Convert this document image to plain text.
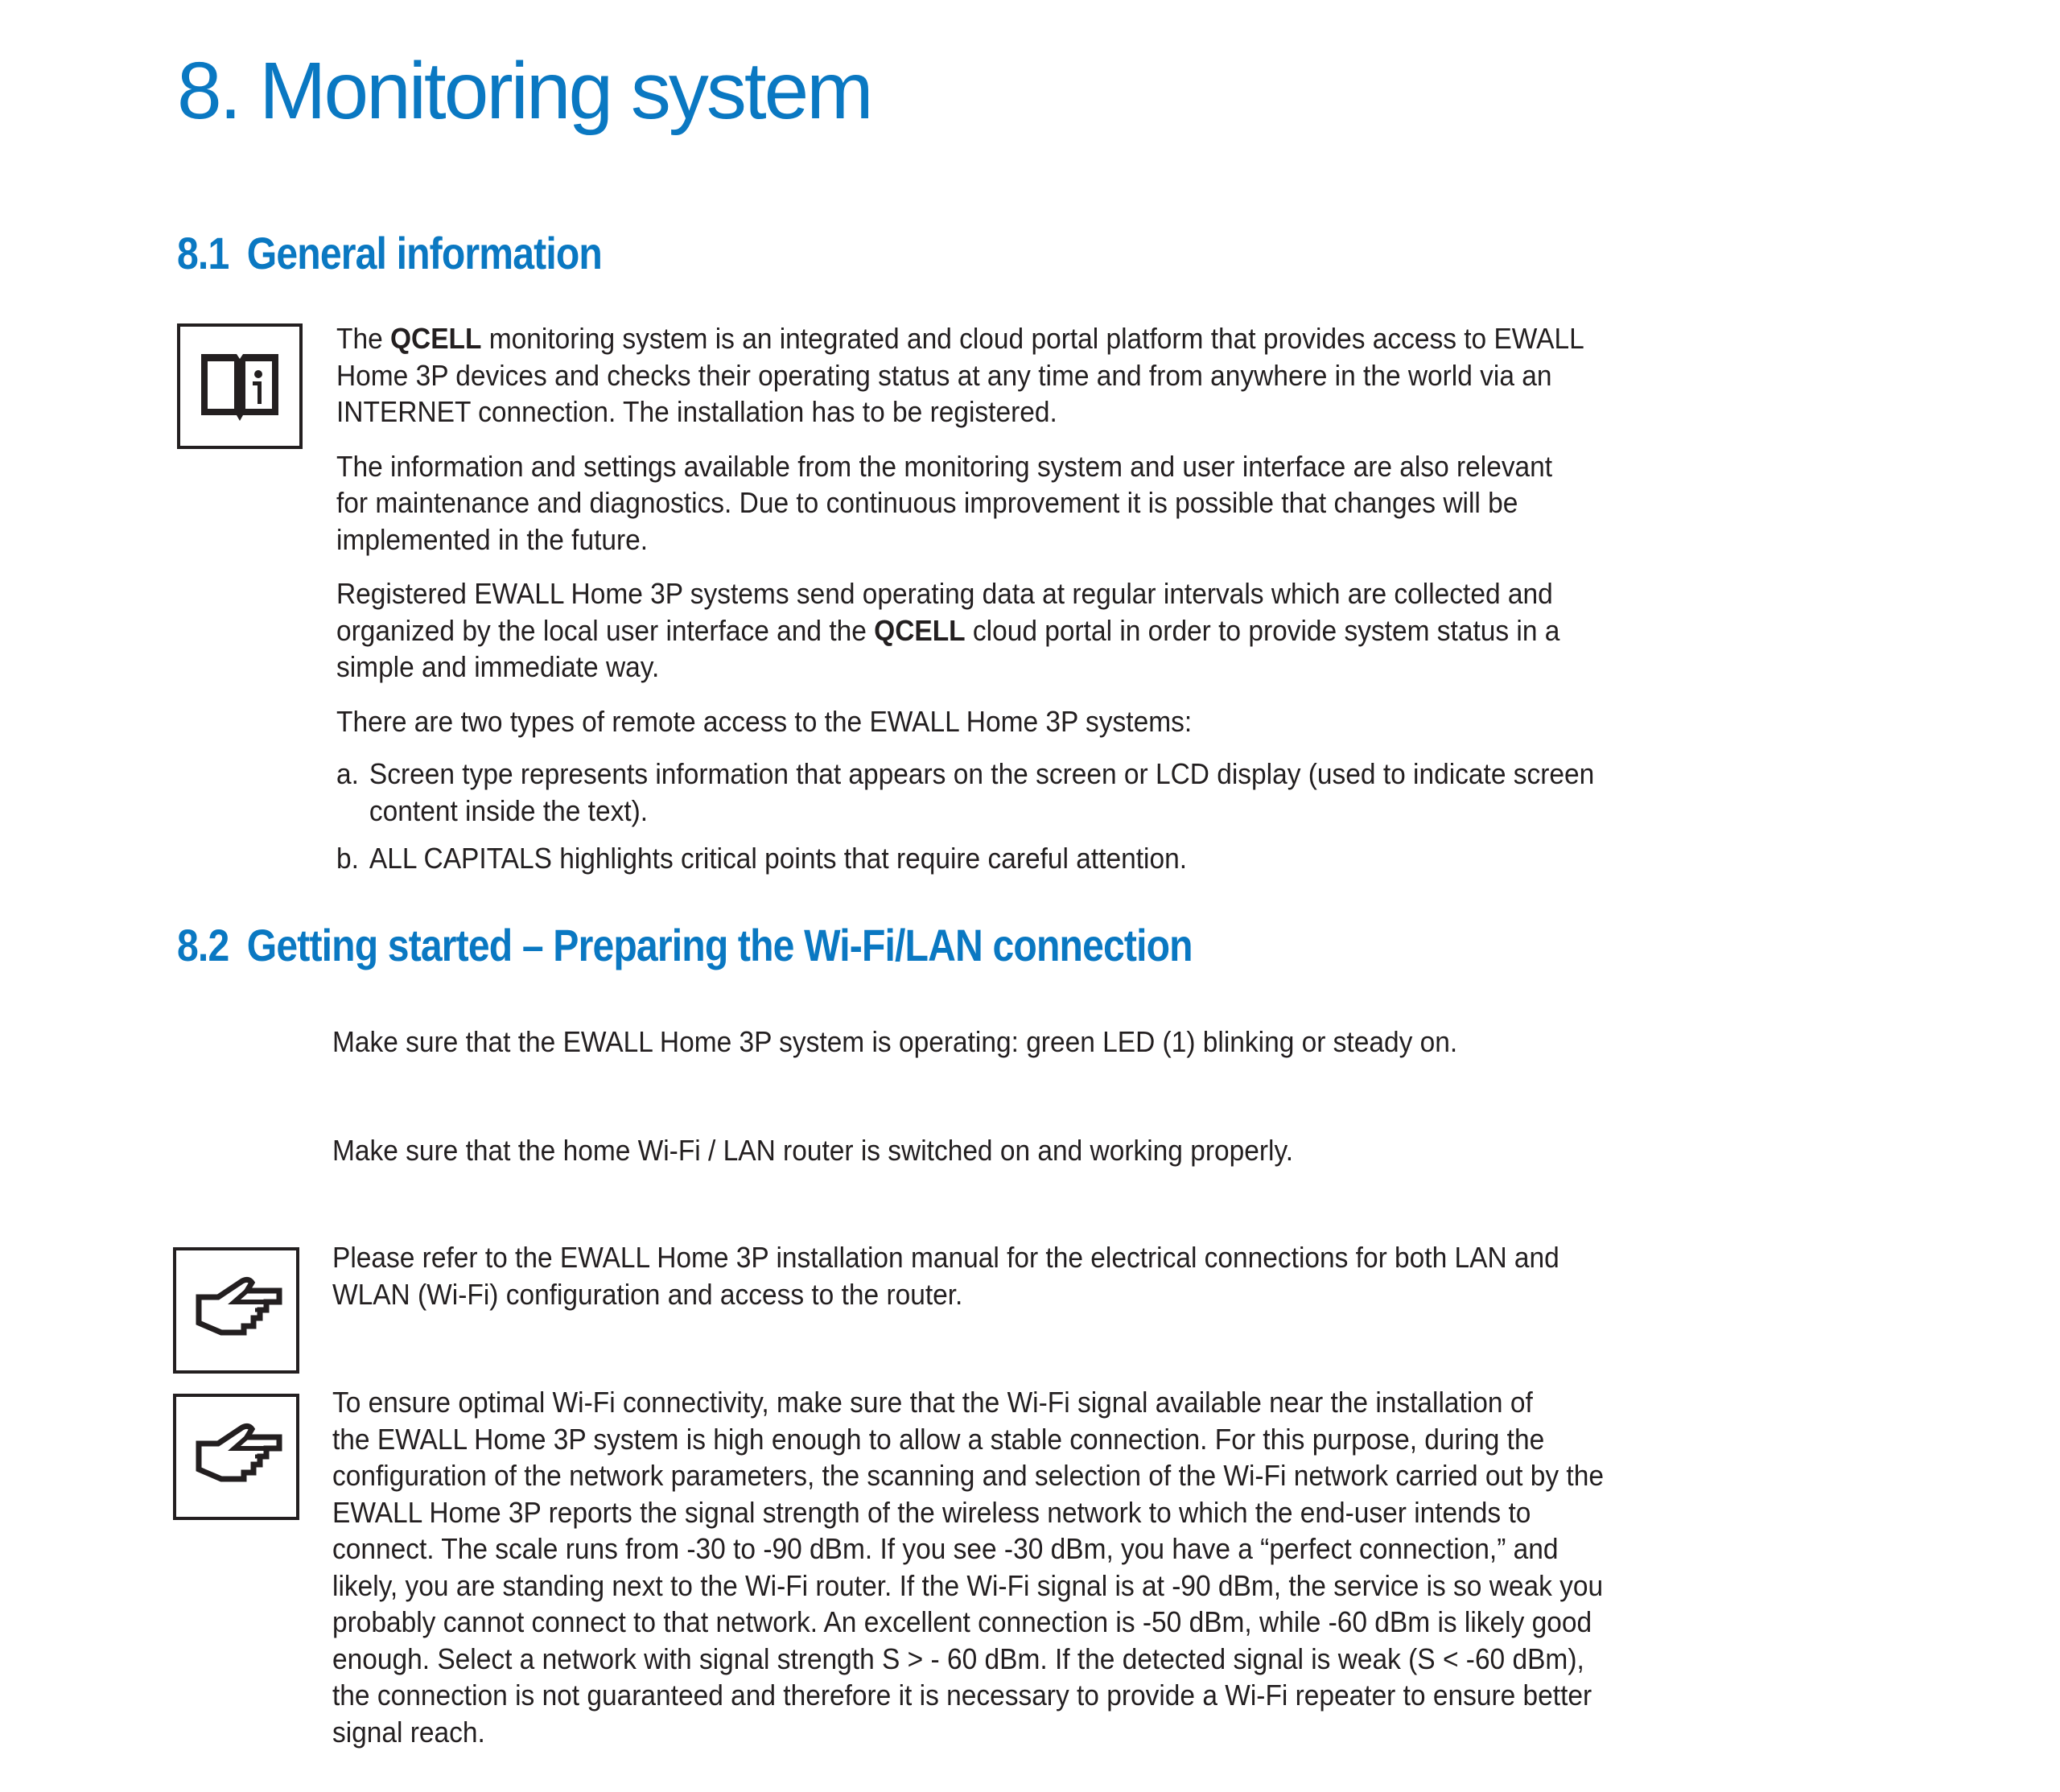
8. Monitoring system
8.1 General information

The QCELL monitoring system is an integrated and cloud portal platform that provides access to EWALL
Home 3P devices and checks their operating status at any time and from anywhere in the world via an
INTERNET connection. The installation has to be registered.

The information and settings available from the monitoring system and user interface are also relevant
for maintenance and diagnostics. Due to continuous improvement it is possible that changes will be
implemented in the future.

Registered EWALL Home 3P systems send operating data at regular intervals which are collected and
organized by the local user interface and the QCELL cloud portal in order to provide system status in a
simple and immediate way.

There are two types of remote access to the EWALL Home 3P systems:

a. Screen type represents information that appears on the screen or LCD display (used to indicate screen
content inside the text).
b. ALL CAPITALS highlights critical points that require careful attention.
8.2 Getting started – Preparing the Wi-Fi/LAN connection

Make sure that the EWALL Home 3P system is operating: green LED (1) blinking or steady on.

Make sure that the home Wi-Fi / LAN router is switched on and working properly.

Please refer to the EWALL Home 3P installation manual for the electrical connections for both LAN and
WLAN (Wi-Fi) configuration and access to the router.

To ensure optimal Wi-Fi connectivity, make sure that the Wi-Fi signal available near the installation of
the EWALL Home 3P system is high enough to allow a stable connection. For this purpose, during the
configuration of the network parameters, the scanning and selection of the Wi-Fi network carried out by the
EWALL Home 3P reports the signal strength of the wireless network to which the end-user intends to
connect. The scale runs from -30 to -90 dBm. If you see -30 dBm, you have a “perfect connection,” and
likely, you are standing next to the Wi-Fi router. If the Wi-Fi signal is at -90 dBm, the service is so weak you
probably cannot connect to that network. An excellent connection is -50 dBm, while -60 dBm is likely good
enough. Select a network with signal strength S > - 60 dBm. If the detected signal is weak (S < -60 dBm),
the connection is not guaranteed and therefore it is necessary to provide a Wi-Fi repeater to ensure better
signal reach.
